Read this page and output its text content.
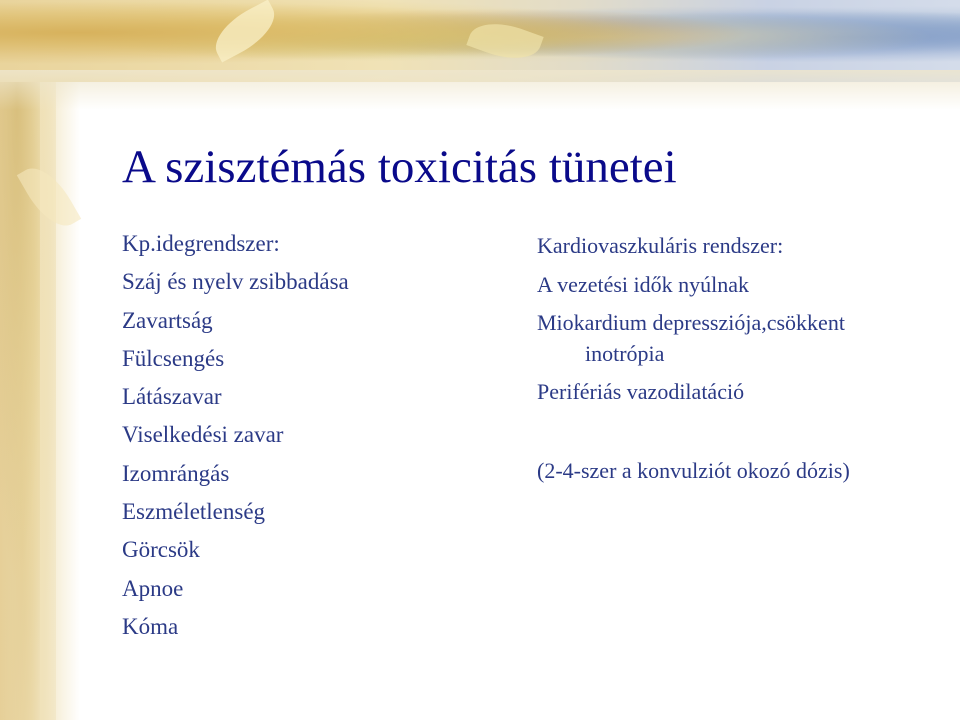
A szisztémás toxicitás tünetei
Kp.idegrendszer:
Száj és nyelv zsibbadása
Zavartság
Fülcsengés
Látászavar
Viselkedési zavar
Izomrángás
Eszméletlenség
Görcsök
Apnoe
Kóma
Kardiovaszkuláris rendszer:
A vezetési idők nyúlnak
Miokardium depressziója,csökkent
inotrópia
Perifériás vazodilatáció
(2-4-szer a konvulziót okozó dózis)
